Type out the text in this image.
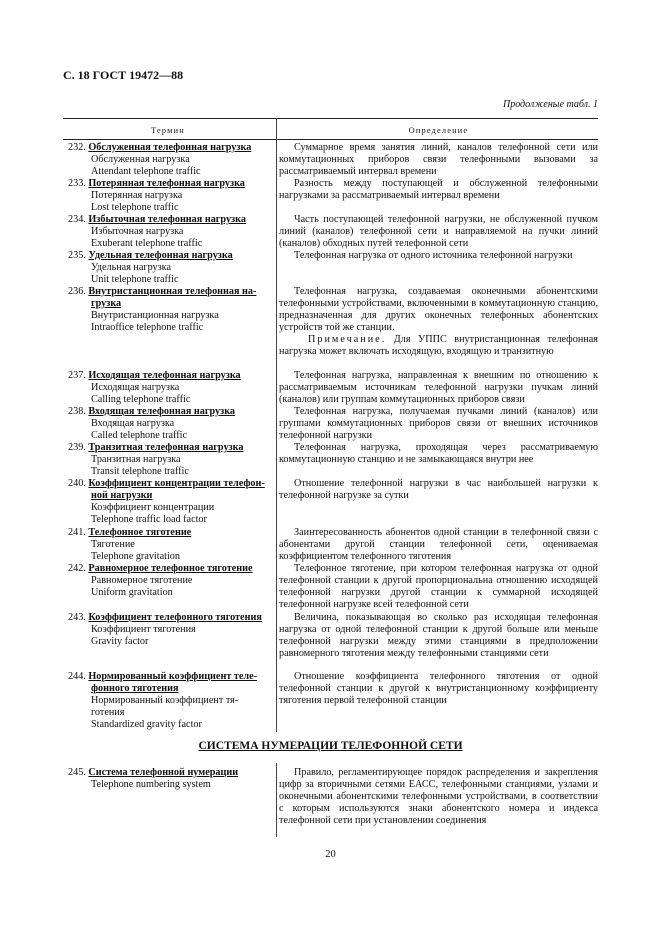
С. 18 ГОСТ 19472—88
Продолженые табл. 1
Термин	Определение
232. Обслуженная телефонная нагрузка
Обслуженная нагрузка
Attendant telephone traffic

Суммарное время занятия линий, каналов телефонной сети или коммутационных приборов связи телефонными вызовами за рассматриваемый интервал времени

233. Потерянная телефонная нагрузка
Потерянная нагрузка
Lost telephone traffic

Разность между поступающей и обслуженной телефонными нагрузками за рассматриваемый интервал времени

234. Избыточная телефонная нагрузка
Избыточная нагрузка
Exuberant telephone traffic

Часть поступающей телефонной нагрузки, не обслуженной пучком линий (каналов) телефонной сети и направляемой на пучки линий (каналов) обходных путей телефонной сети

235. Удельная телефонная нагрузка
Удельная нагрузка
Unit telephone traffic

Телефонная нагрузка от одного источника телефонной нагрузки

236. Внутристанционная телефонная на-
грузка
Внутристанционная нагрузка
Intraoffice telephone traffic

Телефонная нагрузка, создаваемая оконечными абонентскими телефонными устройствами, включенными в коммутационную станцию, предназначенная для других оконечных телефонных абонентских устройств той же станции.

Примечание. Для УППС внутристанционная телефонная нагрузка может включать исходящую, входящую и транзитную

237. Исходящая телефонная нагрузка
Исходящая нагрузка
Calling telephone traffic

Телефонная нагрузка, направленная к внешним по отношению к рассматриваемым источникам телефонной нагрузки пучкам линий (каналов) или группам коммутационных приборов связи

238. Входящая телефонная нагрузка
Входящая нагрузка
Called telephone traffic

Телефонная нагрузка, получаемая пучками линий (каналов) или группами коммутационных приборов связи от внешних источников телефонной нагрузки

239. Транзитная телефонная нагрузка
Транзитная нагрузка
Transit telephone traffic

Телефонная нагрузка, проходящая через рассматриваемую коммутационную станцию и не замыкающаяся внутри нее

240. Коэффициент концентрации телефон-
ной нагрузки
Коэффициент концентрации
Telephone traffic load factor

Отношение телефонной нагрузки в час наибольшей нагрузки к телефонной нагрузке за сутки

241. Телефонное тяготение
Тяготение
Telephone gravitation

Заинтересованность абонентов одной станции в телефонной связи с абонентами другой станции телефонной сети, оцениваемая коэффициентом телефонного тяготения

242. Равномерное телефонное тяготение
Равномерное тяготение
Uniform gravitation

Телефонное тяготение, при котором телефонная нагрузка от одной телефонной станции к другой пропорциональна отношению исходящей телефонной нагрузки другой станции к суммарной исходящей телефонной нагрузке всей телефонной сети

243. Коэффициент телефонного тяготения
Коэффициент тяготения
Gravity factor

Величина, показывающая во сколько раз исходящая телефонная нагрузка от одной телефонной станции к другой больше или меньше телефонной нагрузки между этими станциями в предположении равномерного тяготения между телефонными станциями сети

244. Нормированный коэффициент теле-
фонного тяготения
Нормированный коэффициент тя-
готения
Standardized gravity factor

Отношение коэффициента телефонного тяготения от одной телефонной станции к другой к внутристанционному коэффициенту тяготения первой телефонной станции

СИСТЕМА НУМЕРАЦИИ ТЕЛЕФОННОЙ СЕТИ
245. Система телефонной нумерации
Telephone numbering system

Правило, регламентирующее порядок распределения и закрепления цифр за вторичными сетями ЕАСС, телефонными станциями, узлами и оконечными абонентскими телефонными устройствами, в соответствии с которым используются знаки абонентского номера и индекса телефонной сети при установлении соединения

20
